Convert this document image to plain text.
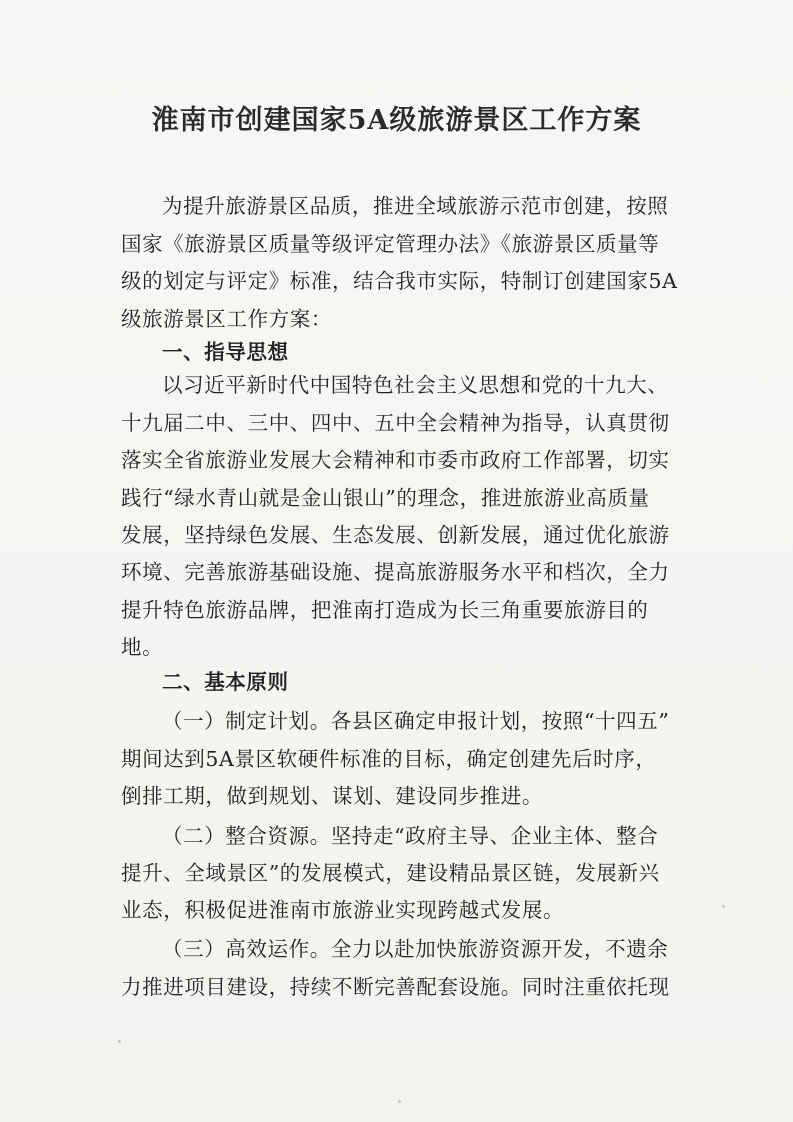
淮南市创建国家5A级旅游景区工作方案
为提升旅游景区品质，推进全域旅游示范市创建，按照
国家《旅游景区质量等级评定管理办法》《旅游景区质量等
级的划定与评定》标准，结合我市实际，特制订创建国家5A
级旅游景区工作方案：
一、指导思想
以习近平新时代中国特色社会主义思想和党的十九大、
十九届二中、三中、四中、五中全会精神为指导，认真贯彻
落实全省旅游业发展大会精神和市委市政府工作部署，切实
践行“绿水青山就是金山银山”的理念，推进旅游业高质量
发展，坚持绿色发展、生态发展、创新发展，通过优化旅游
环境、完善旅游基础设施、提高旅游服务水平和档次，全力
提升特色旅游品牌，把淮南打造成为长三角重要旅游目的
地。
二、基本原则
（一）制定计划。各县区确定申报计划，按照“十四五”
期间达到5A景区软硬件标准的目标，确定创建先后时序，
倒排工期，做到规划、谋划、建设同步推进。
（二）整合资源。坚持走“政府主导、企业主体、整合
提升、全域景区”的发展模式，建设精品景区链，发展新兴
业态，积极促进淮南市旅游业实现跨越式发展。
（三）高效运作。全力以赴加快旅游资源开发，不遗余
力推进项目建设，持续不断完善配套设施。同时注重依托现
